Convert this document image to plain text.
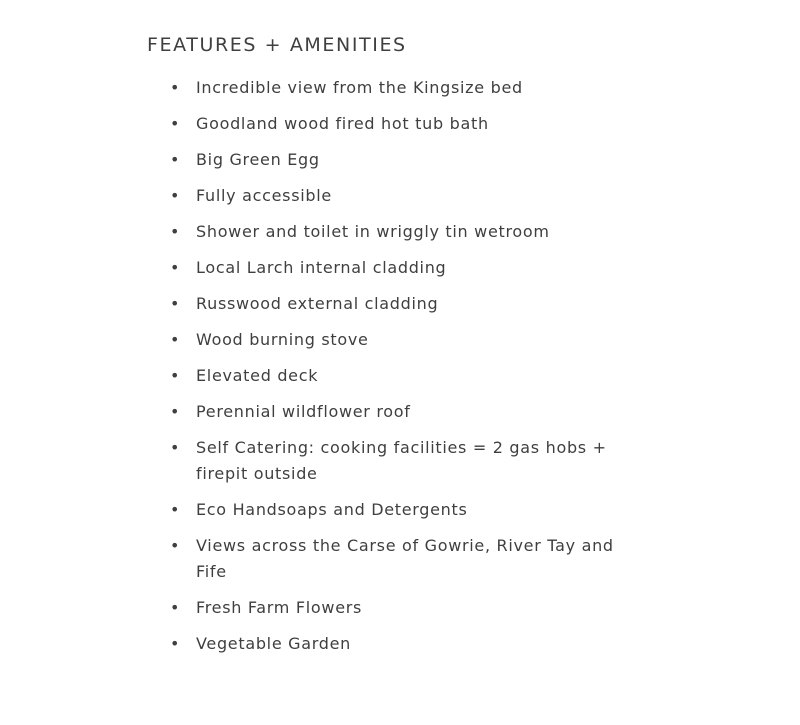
FEATURES + AMENITIES
• Incredible view from the Kingsize bed
• Goodland wood fired hot tub bath
• Big Green Egg
• Fully accessible
• Shower and toilet in wriggly tin wetroom
• Local Larch internal cladding
• Russwood external cladding
• Wood burning stove
• Elevated deck
• Perennial wildflower roof
• Self Catering: cooking facilities = 2 gas hobs + firepit outside
• Eco Handsoaps and Detergents
• Views across the Carse of Gowrie, River Tay and Fife
• Fresh Farm Flowers
• Vegetable Garden
